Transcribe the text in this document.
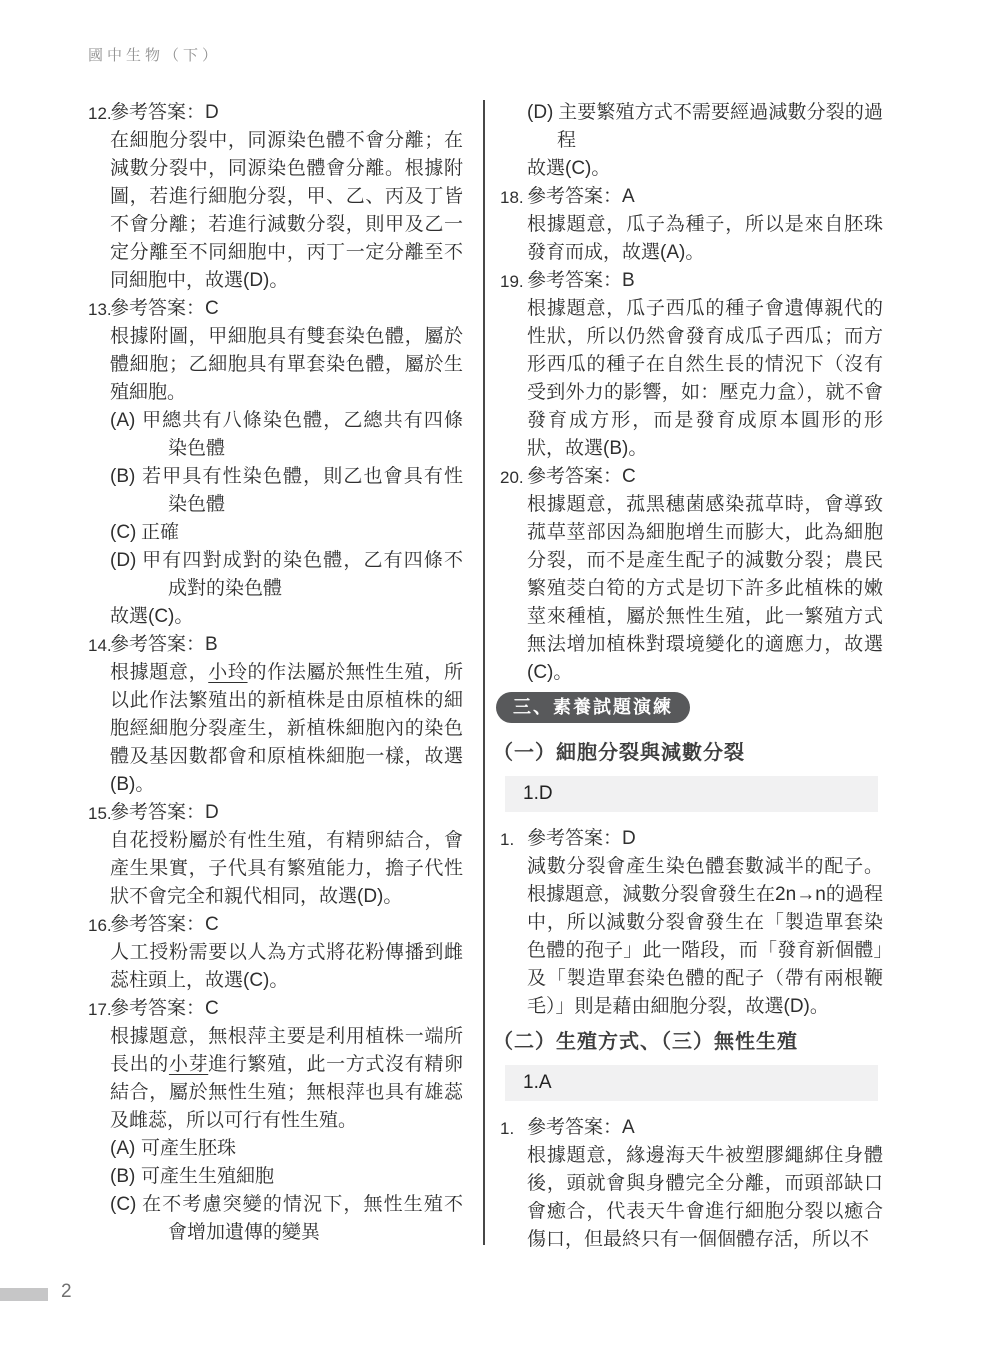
國中生物（下）
12.
參考答案：D
在細胞分裂中，同源染色體不會分離；在減數分裂中，同源染色體會分離。根據附圖，若進行細胞分裂，甲、乙、丙及丁皆不會分離；若進行減數分裂，則甲及乙一定分離至不同細胞中，丙丁一定分離至不同細胞中，故選(D)。
13.
參考答案：C
根據附圖，甲細胞具有雙套染色體，屬於體細胞；乙細胞具有單套染色體，屬於生殖細胞。
(A) 甲總共有八條染色體，乙總共有四條染色體
(B) 若甲具有性染色體，則乙也會具有性染色體
(C) 正確
(D) 甲有四對成對的染色體，乙有四條不成對的染色體
故選(C)。
14.
參考答案：B
根據題意，小玲的作法屬於無性生殖，所以此作法繁殖出的新植株是由原植株的細胞經細胞分裂產生，新植株細胞內的染色體及基因數都會和原植株細胞一樣，故選(B)。
15.
參考答案：D
自花授粉屬於有性生殖，有精卵結合，會產生果實，子代具有繁殖能力，擔子代性狀不會完全和親代相同，故選(D)。
16.
參考答案：C
人工授粉需要以人為方式將花粉傳播到雌蕊柱頭上，故選(C)。
17.
參考答案：C
根據題意，無根萍主要是利用植株一端所長出的小芽進行繁殖，此一方式沒有精卵結合，屬於無性生殖；無根萍也具有雄蕊及雌蕊，所以可行有性生殖。
(A) 可產生胚珠
(B) 可產生生殖細胞
(C) 在不考慮突變的情況下，無性生殖不會增加遺傳的變異
(D) 主要繁殖方式不需要經過減數分裂的過程
故選(C)。
18. 參考答案：A
根據題意，瓜子為種子，所以是來自胚珠發育而成，故選(A)。
19. 參考答案：B
根據題意，瓜子西瓜的種子會遺傳親代的性狀，所以仍然會發育成瓜子西瓜；而方形西瓜的種子在自然生長的情況下（沒有受到外力的影響，如：壓克力盒），就不會發育成方形，而是發育成原本圓形的形狀，故選(B)。
20. 參考答案：C
根據題意，菰黑穗菌感染菰草時，會導致菰草莖部因為細胞增生而膨大，此為細胞分裂，而不是產生配子的減數分裂；農民繁殖茭白筍的方式是切下許多此植株的嫩莖來種植，屬於無性生殖，此一繁殖方式無法增加植株對環境變化的適應力，故選(C)。
三、素養試題演練
（一）細胞分裂與減數分裂
1.D
1. 參考答案：D
減數分裂會產生染色體套數減半的配子。根據題意，減數分裂會發生在2n→n的過程中，所以減數分裂會發生在「製造單套染色體的孢子」此一階段，而「發育新個體」及「製造單套染色體的配子（帶有兩根鞭毛）」則是藉由細胞分裂，故選(D)。
（二）生殖方式、（三）無性生殖
1.A
1. 參考答案：A
根據題意，緣邊海天牛被塑膠繩綁住身體後，頭就會與身體完全分離，而頭部缺口會癒合，代表天牛會進行細胞分裂以癒合傷口，但最終只有一個個體存活，所以不
2
